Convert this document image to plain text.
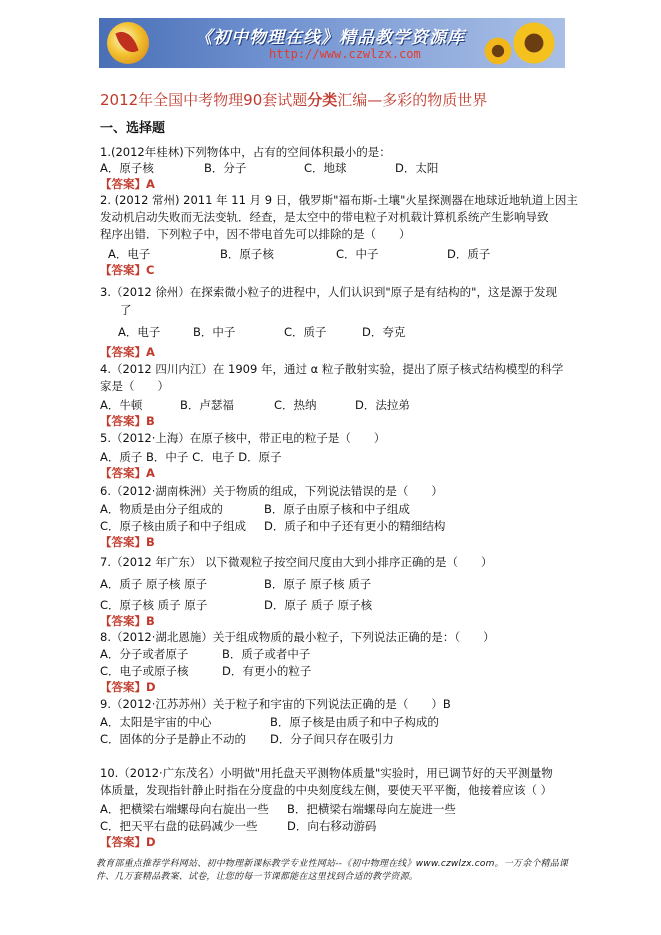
《初中物理在线》精品教学资源库
http://www.czwlzx.com
2012年全国中考物理90套试题分类汇编—多彩的物质世界
一、选择题
1.(2012年桂林)下列物体中，占有的空间体积最小的是：
A．原子核	B．分子	C．地球	D．太阳
【答案】A
2. (2012 常州) 2011 年 11 月 9 日，俄罗斯"福布斯-土壤"火星探测器在地球近地轨道上因主
发动机启动失败而无法变轨．经查，是太空中的带电粒子对机载计算机系统产生影响导致
程序出错．下列粒子中，因不带电首先可以排除的是（　　）
A．电子	B．原子核	C．中子	D．质子
【答案】C
3.（2012 徐州）在探索微小粒子的进程中，人们认识到"原子是有结构的"，这是源于发现
了
A．电子	B．中子	C．质子	D．夸克
【答案】A
4.（2012 四川内江）在 1909 年，通过 α 粒子散射实验，提出了原子核式结构模型的科学
家是（　　）
A．牛顿	B．卢瑟福	C．热纳	D．法拉弟
【答案】B
5.（2012·上海）在原子核中，带正电的粒子是（　　）
A．质子 B．中子 C．电子 D．原子
【答案】A
6.（2012·湖南株洲）关于物质的组成，下列说法错误的是（　　）
A．物质是由分子组成的	B．原子由原子核和中子组成
C．原子核由质子和中子组成 D．质子和中子还有更小的精细结构
【答案】B
7.（2012 年广东） 以下微观粒子按空间尺度由大到小排序正确的是（　　）
A．质子 原子核 原子	B．原子 原子核 质子
C．原子核 质子 原子	D．原子 质子 原子核
【答案】B
8.（2012·湖北恩施）关于组成物质的最小粒子，下列说法正确的是：（　　）
A．分子或者原子	B．质子或者中子
C．电子或原子核	D．有更小的粒子
【答案】D
9.（2012·江苏苏州）关于粒子和宇宙的下列说法正确的是（　　）B
A．太阳是宇宙的中心	B．原子核是由质子和中子构成的
C．固体的分子是静止不动的 D．分子间只存在吸引力
10.（2012·广东茂名）小明做"用托盘天平测物体质量"实验时，用已调节好的天平测量物
体质量，发现指针静止时指在分度盘的中央刻度线左侧，要使天平平衡，他接着应该（ ）
A．把横梁右端螺母向右旋出一些 B．把横梁右端螺母向左旋进一些
C．把天平右盘的砝码减少一些	D．向右移动游码
【答案】D
教育部重点推荐学科网站、初中物理新课标教学专业性网站--《初中物理在线》www.czwlzx.com。一万余个精品课件、几万套精品教案、试卷，让您的每一节课都能在这里找到合适的教学资源。
